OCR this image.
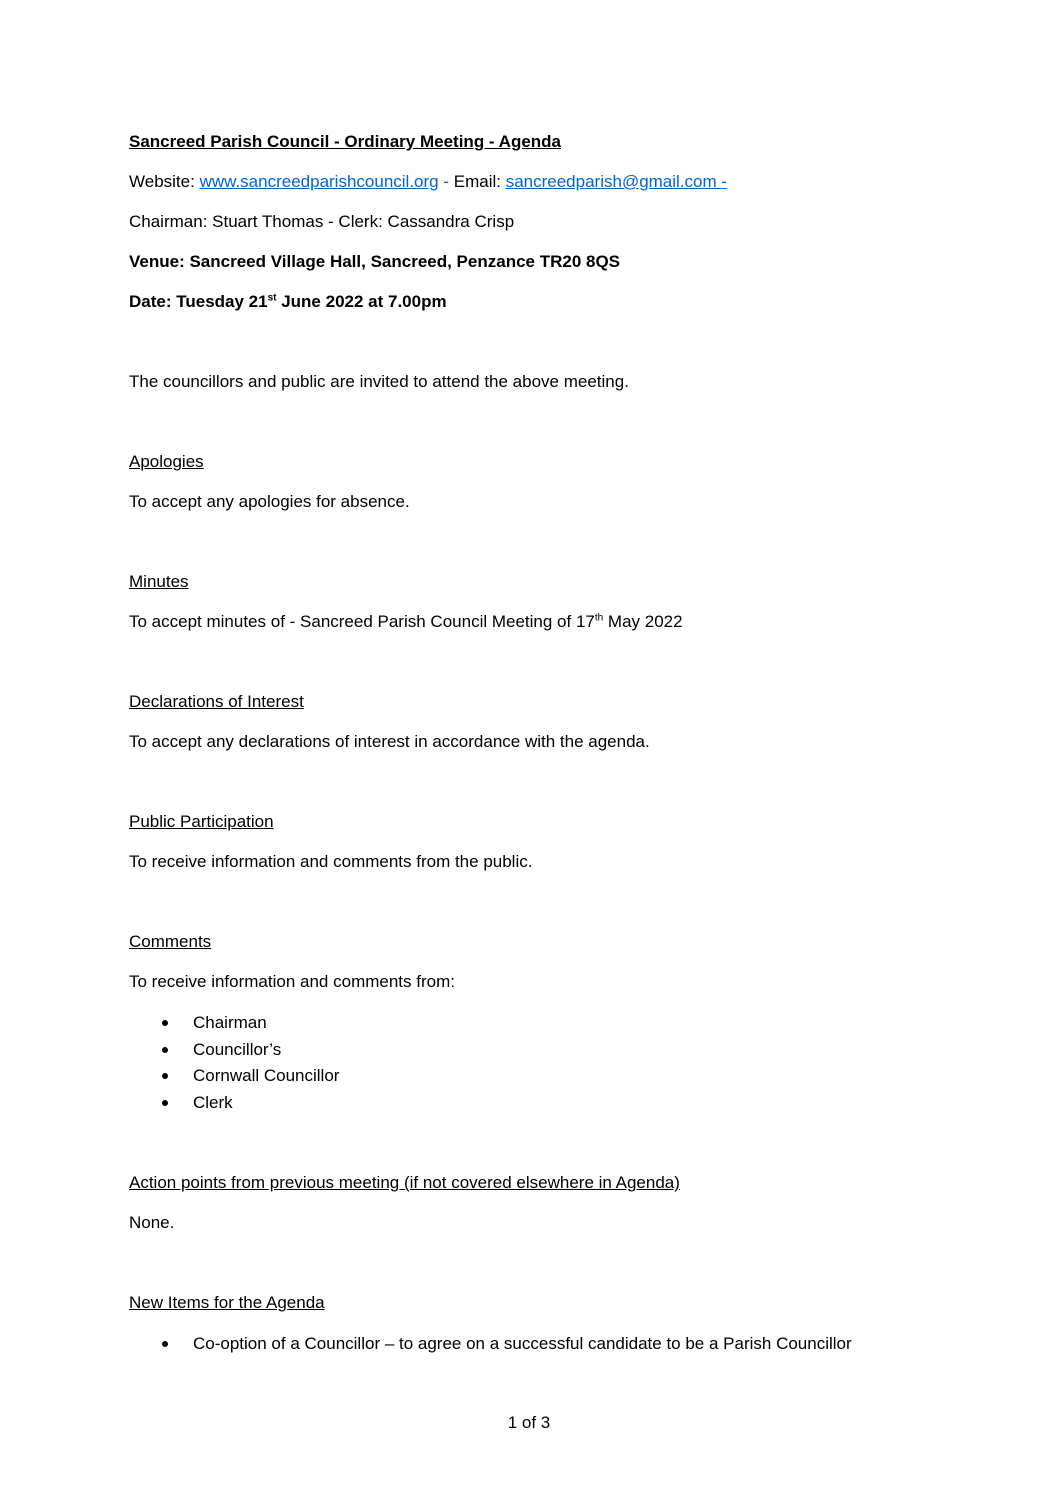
Sancreed Parish Council - Ordinary Meeting - Agenda
Website: www.sancreedparishcouncil.org - Email: sancreedparish@gmail.com -
Chairman: Stuart Thomas - Clerk: Cassandra Crisp
Venue: Sancreed Village Hall, Sancreed, Penzance TR20 8QS
Date: Tuesday 21st June 2022 at 7.00pm
The councillors and public are invited to attend the above meeting.
Apologies
To accept any apologies for absence.
Minutes
To accept minutes of - Sancreed Parish Council Meeting of 17th May 2022
Declarations of Interest
To accept any declarations of interest in accordance with the agenda.
Public Participation
To receive information and comments from the public.
Comments
To receive information and comments from:
Chairman
Councillor’s
Cornwall Councillor
Clerk
Action points from previous meeting (if not covered elsewhere in Agenda)
None.
New Items for the Agenda
Co-option of a Councillor – to agree on a successful candidate to be a Parish Councillor
1 of 3
